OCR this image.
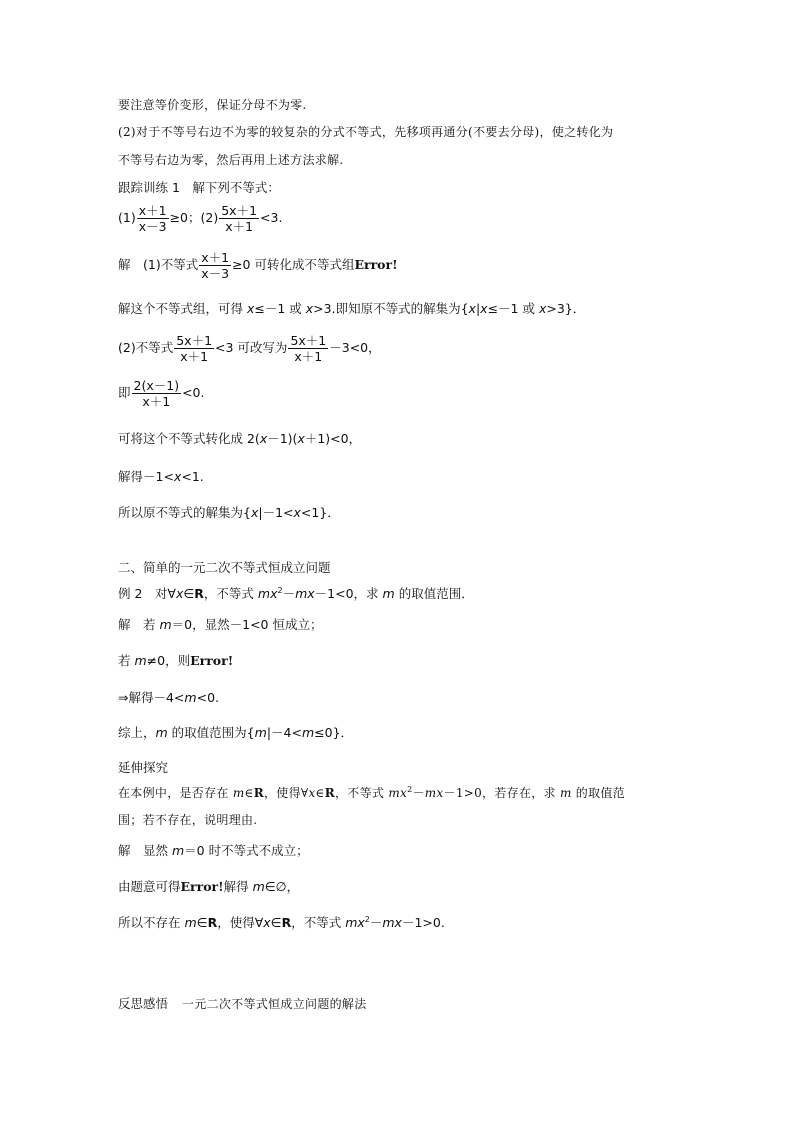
要注意等价变形，保证分母不为零.
(2)对于不等号右边不为零的较复杂的分式不等式，先移项再通分(不要去分母)，使之转化为
不等号右边为零，然后再用上述方法求解.
跟踪训练 1　解下列不等式：
$(1) \frac{x+1}{x-3} \ge 0$；$(2) \frac{5x+1}{x+1} <3$.
解　(1)不等式 $\frac{x+1}{x-3} \ge 0$ 可转化成不等式组Error!
解这个不等式组，可得 x≤－1 或 x>3.即知原不等式的解集为{x|x≤－1 或 x>3}．
(2)不等式 $\frac{5x+1}{x+1} <3$ 可改写为 $\frac{5x+1}{x+1} -3<0$，
即 $\frac{2(x-1)}{x+1} <0$.
可将这个不等式转化成 2(x－1)(x＋1)<0，
解得－1<x<1.
所以原不等式的解集为{x|－1<x<1}．
二、简单的一元二次不等式恒成立问题
例 2　对∀x∈R，不等式 $mx^2-mx-1<0$，求 m 的取值范围．
解　若 m＝0，显然－1<0 恒成立；
若 m≠0，则Error!
⇒解得－4<m<0.
综上，m 的取值范围为{m|－4<m≤0}．
延伸探究
在本例中，是否存在 m∈R，使得∀x∈R，不等式 $mx^2-mx-1>0$，若存在，求 m 的取值范
围；若不存在，说明理由.
解　显然 m＝0 时不等式不成立；
由题意可得Error!解得 m∈∅，
所以不存在 m∈R，使得∀x∈R，不等式 $mx^2-mx-1>0$.
反思感悟 一元二次不等式恒成立问题的解法
